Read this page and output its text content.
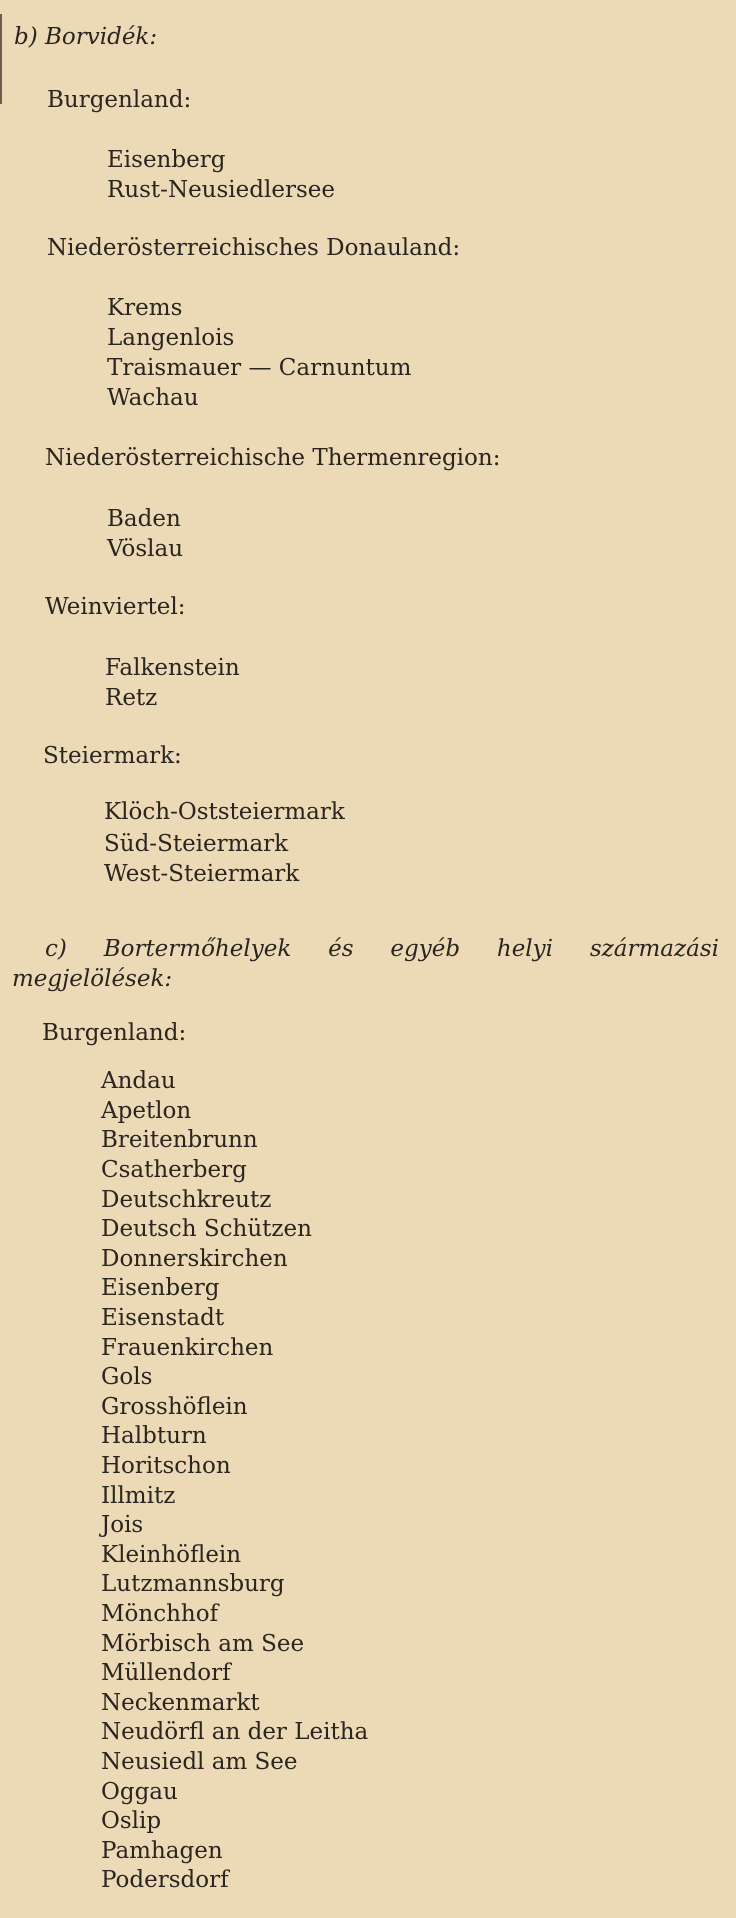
b) Borvidék:
Burgenland:
Eisenberg
Rust-Neusiedlersee
Niederösterreichisches Donauland:
Krems
Langenlois
Traismauer — Carnuntum
Wachau
Niederösterreichische Thermenregion:
Baden
Vöslau
Weinviertel:
Falkenstein
Retz
Steiermark:
Klöch-Oststeiermark
Süd-Steiermark
West-Steiermark
c) Bortermőhelyek és egyéb helyi származási
megjelölések:
Burgenland:
Andau
Apetlon
Breitenbrunn
Csatherberg
Deutschkreutz
Deutsch Schützen
Donnerskirchen
Eisenberg
Eisenstadt
Frauenkirchen
Gols
Grosshöflein
Halbturn
Horitschon
Illmitz
Jois
Kleinhöflein
Lutzmannsburg
Mönchhof
Mörbisch am See
Müllendorf
Neckenmarkt
Neudörfl an der Leitha
Neusiedl am See
Oggau
Oslip
Pamhagen
Podersdorf
